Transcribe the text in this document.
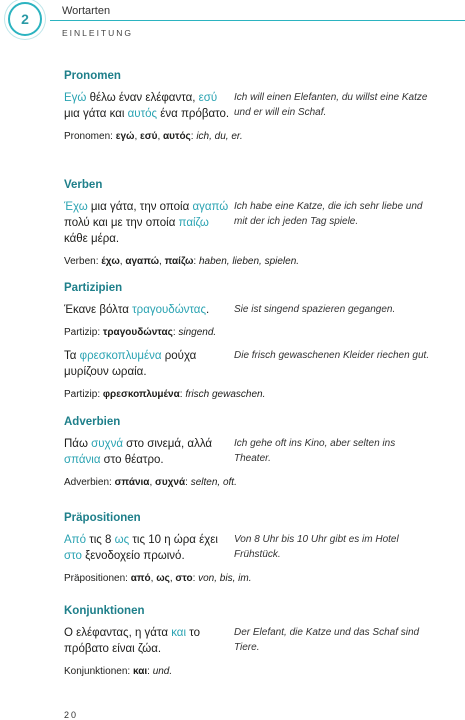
2	Wortarten
EINLEITUNG
Pronomen
Εγώ θέλω έναν ελέφαντα, εσύ μια γάτα και αυτός ένα πρόβατο.
Ich will einen Elefanten, du willst eine Katze und er will ein Schaf.
Pronomen: εγώ, εσύ, αυτός: ich, du, er.
Verben
Έχω μια γάτα, την οποία αγαπώ πολύ και με την οποία παίζω κάθε μέρα.
Ich habe eine Katze, die ich sehr liebe und mit der ich jeden Tag spiele.
Verben: έχω, αγαπώ, παίζω: haben, lieben, spielen.
Partizipien
Έκανε βόλτα τραγουδώντας.	Sie ist singend spazieren gegangen.
Partizip: τραγουδώντας: singend.
Τα φρεσκοπλυμένα ρούχα μυρίζουν ωραία.
Die frisch gewaschenen Kleider riechen gut.
Partizip: φρεσκοπλυμένα: frisch gewaschen.
Adverbien
Πάω συχνά στο σινεμά, αλλά σπάνια στο θέατρο.
Ich gehe oft ins Kino, aber selten ins Theater.
Adverbien: σπάνια, συχνά: selten, oft.
Präpositionen
Από τις 8 ως τις 10 η ώρα έχει στο ξενοδοχείο πρωινό.
Von 8 Uhr bis 10 Uhr gibt es im Hotel Frühstück.
Präpositionen: από, ως, στο: von, bis, im.
Konjunktionen
Ο ελέφαντας, η γάτα και το πρόβατο είναι ζώα.
Der Elefant, die Katze und das Schaf sind Tiere.
Konjunktionen: και: und.
20
